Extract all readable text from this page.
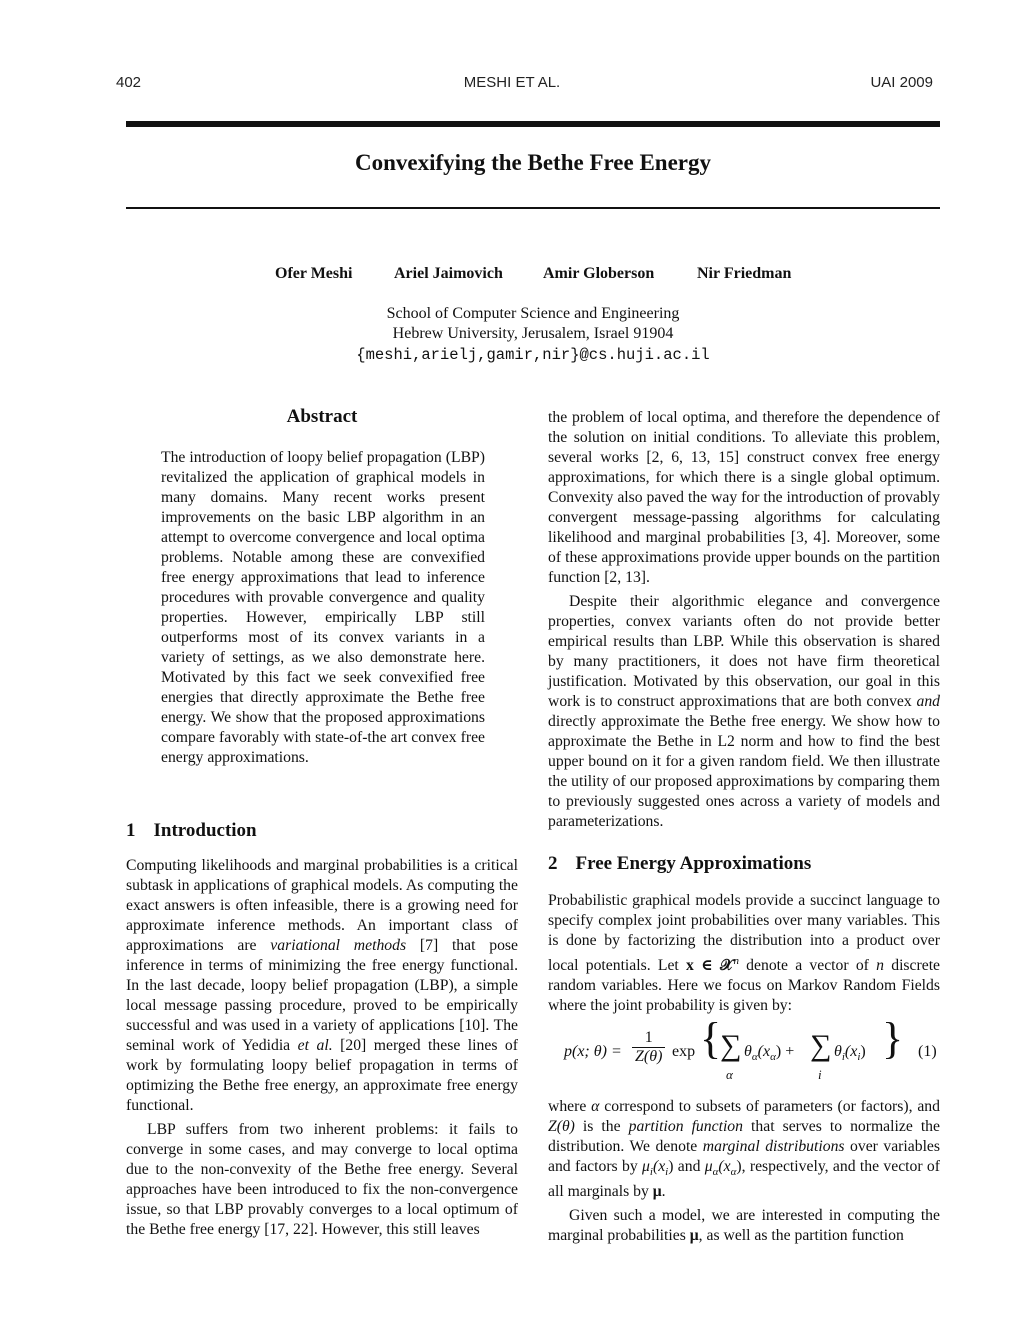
402	MESHI ET AL.	UAI 2009
Convexifying the Bethe Free Energy
Ofer Meshi	Ariel Jaimovich	Amir Globerson	Nir Friedman
School of Computer Science and Engineering
Hebrew University, Jerusalem, Israel 91904
{meshi,arielj,gamir,nir}@cs.huji.ac.il
Abstract

The introduction of loopy belief propagation (LBP) revitalized the application of graphical models in many domains. Many recent works present improvements on the basic LBP algorithm in an attempt to overcome convergence and local optima problems. Notable among these are convexified free energy approximations that lead to inference procedures with provable convergence and quality properties. However, empirically LBP still outperforms most of its convex variants in a variety of settings, as we also demonstrate here. Motivated by this fact we seek convexified free energies that directly approximate the Bethe free energy. We show that the proposed approximations compare favorably with state-of-the art convex free energy approximations.

1 Introduction

Computing likelihoods and marginal probabilities is a critical subtask in applications of graphical models. As computing the exact answers is often infeasible, there is a growing need for approximate inference methods. An important class of approximations are variational methods [7] that pose inference in terms of minimizing the free energy functional. In the last decade, loopy belief propagation (LBP), a simple local message passing procedure, proved to be empirically successful and was used in a variety of applications [10]. The seminal work of Yedidia et al. [20] merged these lines of work by formulating loopy belief propagation in terms of optimizing the Bethe free energy, an approximate free energy functional.

LBP suffers from two inherent problems: it fails to converge in some cases, and may converge to local optima due to the non-convexity of the Bethe free energy. Several approaches have been introduced to fix the non-convergence issue, so that LBP provably converges to a local optimum of the Bethe free energy [17, 22]. However, this still leaves

the problem of local optima, and therefore the dependence of the solution on initial conditions. To alleviate this problem, several works [2, 6, 13, 15] construct convex free energy approximations, for which there is a single global optimum. Convexity also paved the way for the introduction of provably convergent message-passing algorithms for calculating likelihood and marginal probabilities [3, 4]. Moreover, some of these approximations provide upper bounds on the partition function [2, 13].

Despite their algorithmic elegance and convergence properties, convex variants often do not provide better empirical results than LBP. While this observation is shared by many practitioners, it does not have firm theoretical justification. Motivated by this observation, our goal in this work is to construct approximations that are both convex and directly approximate the Bethe free energy. We show how to approximate the Bethe in L2 norm and how to find the best upper bound on it for a given random field. We then illustrate the utility of our proposed approximations by comparing them to previously suggested ones across a variety of models and parameterizations.

2 Free Energy Approximations

Probabilistic graphical models provide a succinct language to specify complex joint probabilities over many variables. This is done by factorizing the distribution into a product over local potentials. Let x ∈ 𝒳$^n$ denote a vector of n discrete random variables. Here we focus on Markov Random Fields where the joint probability is given by:

p(x; $\theta) = \frac{1}{Z(\theta)}$ exp {
∑
α
$\theta_\alpha(x_\alpha)$ + ∑
i
$\theta_i(x_i)$ } (1)

where α correspond to subsets of parameters (or factors), and Z(θ) is the partition function that serves to normalize the distribution. We denote marginal distributions over variables and factors by $\mu_i(x_i)$ and $\mu_\alpha(x_\alpha)$, respectively, and the vector of all marginals by μ.

Given such a model, we are interested in computing the marginal probabilities μ, as well as the partition function
